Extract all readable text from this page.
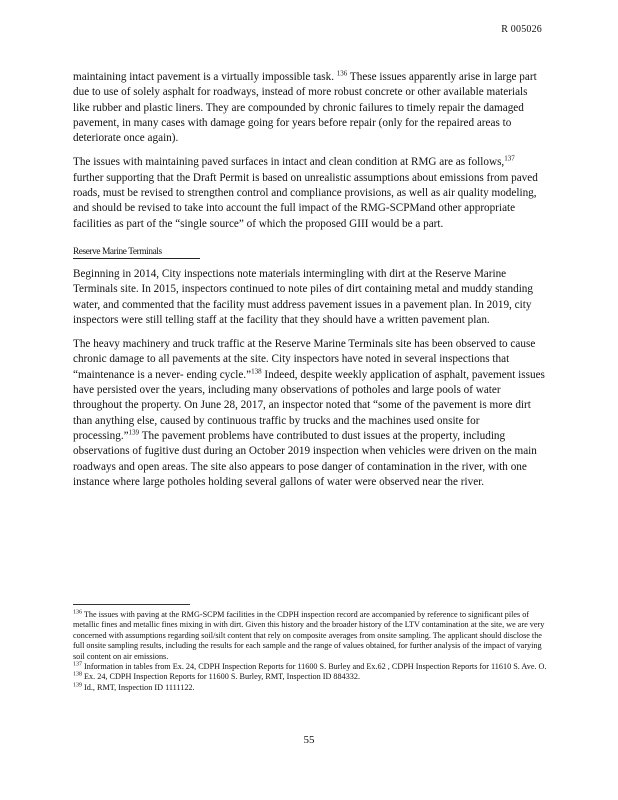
R 005026

maintaining intact pavement is a virtually impossible task. $^{136}$ These issues apparently arise in large part due to use of solely asphalt for roadways, instead of more robust concrete or other available materials like rubber and plastic liners. They are compounded by chronic failures to timely repair the damaged pavement, in many cases with damage going for years before repair (only for the repaired areas to deteriorate once again).

The issues with maintaining paved surfaces in intact and clean condition at RMG are as follows,$^{137}$ further supporting that the Draft Permit is based on unrealistic assumptions about emissions from paved roads, must be revised to strengthen control and compliance provisions, as well as air quality modeling, and should be revised to take into account the full impact of the RMG-SCPMand other appropriate facilities as part of the “single source” of which the proposed GIII would be a part.

Reserve Marine Terminals

Beginning in 2014, City inspections note materials intermingling with dirt at the Reserve Marine Terminals site. In 2015, inspectors continued to note piles of dirt containing metal and muddy standing water, and commented that the facility must address pavement issues in a pavement plan. In 2019, city inspectors were still telling staff at the facility that they should have a written pavement plan.

The heavy machinery and truck traffic at the Reserve Marine Terminals site has been observed to cause chronic damage to all pavements at the site. City inspectors have noted in several inspections that “maintenance is a never- ending cycle.”$^{138}$ Indeed, despite weekly application of asphalt, pavement issues have persisted over the years, including many observations of potholes and large pools of water throughout the property. On June 28, 2017, an inspector noted that “some of the pavement is more dirt than anything else, caused by continuous traffic by trucks and the machines used onsite for processing.”$^{139}$ The pavement problems have contributed to dust issues at the property, including observations of fugitive dust during an October 2019 inspection when vehicles were driven on the main roadways and open areas. The site also appears to pose danger of contamination in the river, with one instance where large potholes holding several gallons of water were observed near the river.

$^{136}$ The issues with paving at the RMG-SCPM facilities in the CDPH inspection record are accompanied by reference to significant piles of metallic fines and metallic fines mixing in with dirt. Given this history and the broader history of the LTV contamination at the site, we are very concerned with assumptions regarding soil/silt content that rely on composite averages from onsite sampling. The applicant should disclose the full onsite sampling results, including the results for each sample and the range of values obtained, for further analysis of the impact of varying soil content on air emissions.

$^{137}$ Information in tables from Ex. 24, CDPH Inspection Reports for 11600 S. Burley and Ex.62 , CDPH Inspection Reports for 11610 S. Ave. O.

$^{138}$ Ex. 24, CDPH Inspection Reports for 11600 S. Burley, RMT, Inspection ID 884332.

$^{139}$ Id., RMT, Inspection ID 1111122.

55
